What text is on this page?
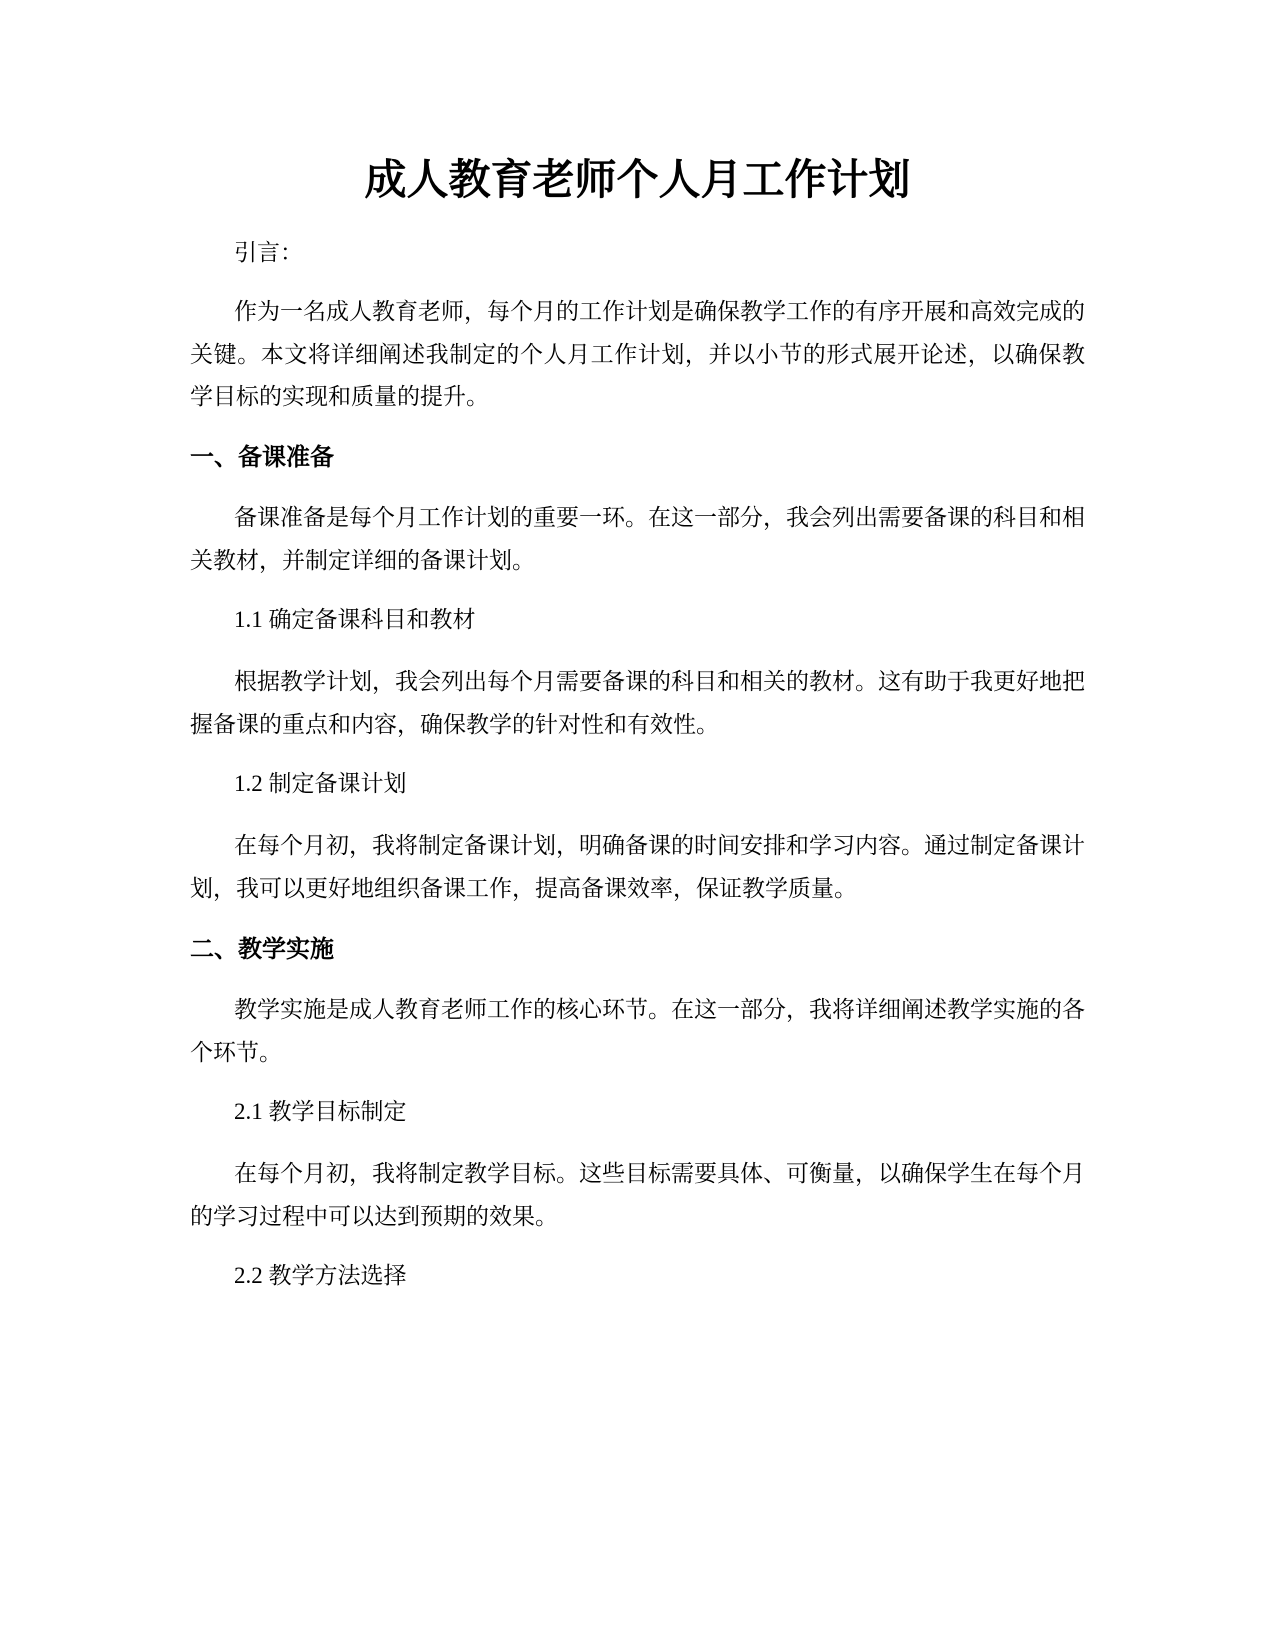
成人教育老师个人月工作计划

引言：

作为一名成人教育老师，每个月的工作计划是确保教学工作的有序开展和高效完成的关键。本文将详细阐述我制定的个人月工作计划，并以小节的形式展开论述，以确保教学目标的实现和质量的提升。

一、备课准备

备课准备是每个月工作计划的重要一环。在这一部分，我会列出需要备课的科目和相关教材，并制定详细的备课计划。

1.1 确定备课科目和教材

根据教学计划，我会列出每个月需要备课的科目和相关的教材。这有助于我更好地把握备课的重点和内容，确保教学的针对性和有效性。

1.2 制定备课计划

在每个月初，我将制定备课计划，明确备课的时间安排和学习内容。通过制定备课计划，我可以更好地组织备课工作，提高备课效率，保证教学质量。

二、教学实施

教学实施是成人教育老师工作的核心环节。在这一部分，我将详细阐述教学实施的各个环节。

2.1 教学目标制定

在每个月初，我将制定教学目标。这些目标需要具体、可衡量，以确保学生在每个月的学习过程中可以达到预期的效果。

2.2 教学方法选择
